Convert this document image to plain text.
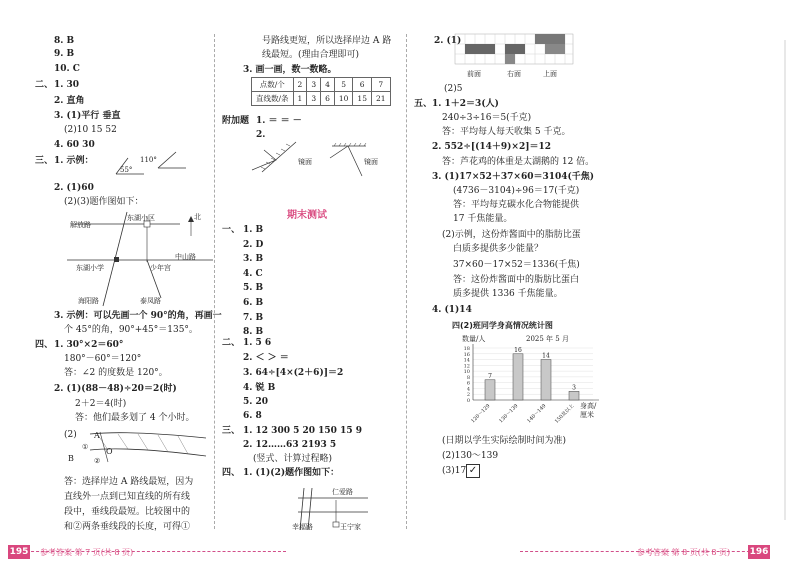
8. B
9. B
10. C
二、 1. 30
2. 直角
3. (1)平行 垂直
(2)10 15 52
4. 60 30
三、 1. 示例：
55°
110°
2. (1)60
(2)(3)题作图如下：
解放路
东湖小区	北
中山路
东湖小学	少年宫
海阳路	泰凤路
3. 示例：可以先画一个 90°的角，再画一
个 45°的角，90°+45°＝135°。
四、 1. 30°×2＝60°
180°－60°＝120°
答：∠2 的度数是 120°。
2. (1)(88－48)÷20＝2(时)
2＋2＝4(时)
答：他们最多划了 4 个小时。
(2) A
B
O
①
②
答：选择岸边 A 路线最短，因为
直线外一点到已知直线的所有线
段中，垂线段最短。比较图中的
和②两条垂线段的长度，可得①
号路线更短，所以选择岸边 A 路
线最短。(理由合理即可)
3. 画一画，数一数略。
点数/个	2	3	4	5	6	7
直线数/条	1	3	6	10	15	21
附加题 1. ＝ ＝ －
2.
镜面	镜面
期末测试
一、 1. B
2. D
3. B
4. C
5. B
6. B
7. B
8. B
二、 1. 5 6
2. ＜ ＞ ＝
3. 64÷[4×(2＋6)]＝2
4. 锐 B
5. 20
6. 8
三、 1. 12 300 5 20 150 15 9
2. 12……63 2193 5
(竖式、计算过程略)
四、 1. (1)(2)题作图如下：
仁爱路
幸福路	王宁家
2. (1)
前面	右面	上面
(2)5
五、 1. 1＋2＝3(人)
240÷3÷16＝5(千克)
答：平均每人每天收集 5 千克。
2. 552÷[(14＋9)×2]＝12
答：芦花鸡的体重是太湖鹅的 12 倍。
3. (1)17×52＋37×60＝3104(千焦)
(4736－3104)÷96＝17(千克)
答：平均每克碳水化合物能提供
17 千焦能量。
(2)示例，这份炸酱面中的脂肪比蛋
白质多提供多少能量？
37×60－17×52＝1336(千焦)
答：这份炸酱面中的脂肪比蛋白
质多提供 1336 千焦能量。
4. (1)14
四(2)班同学身高情况统计图
数量/人	2025 年 5 月
18
16
14
12
10
8
6
4
2
0
7
120～129
16
130～139
14
140～149
3
150及以上 身高/厘米
(日期以学生实际绘制时间为准)
(2)130～139
(3)17 ✓
195 参考答案 第 7 页(共 8 页)	参考答案 第 8 页(共 8 页) 196
